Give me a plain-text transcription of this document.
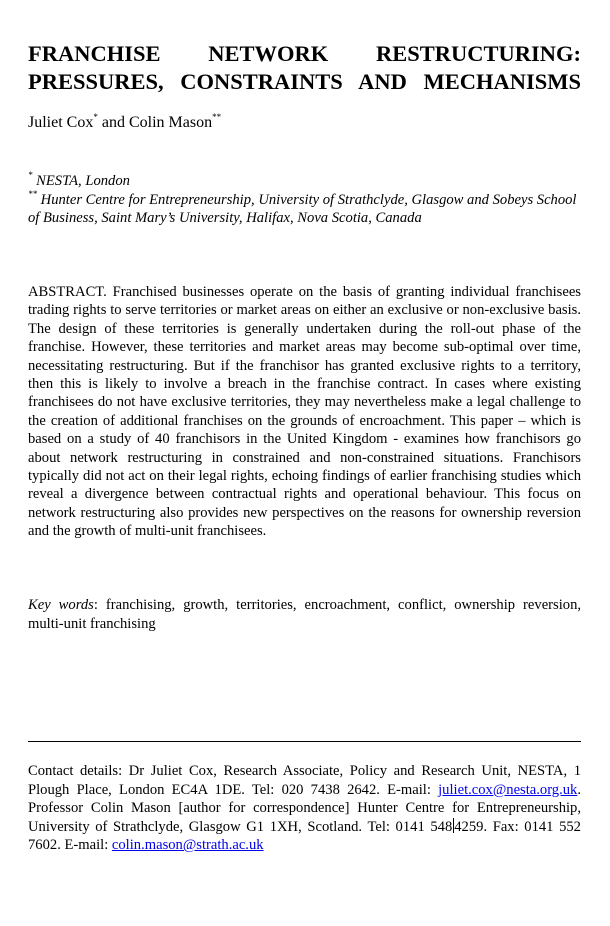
FRANCHISE NETWORK RESTRUCTURING:
PRESSURES, CONSTRAINTS AND MECHANISMS
Juliet Cox* and Colin Mason**
* NESTA, London
** Hunter Centre for Entrepreneurship, University of Strathclyde, Glasgow and Sobeys School of Business, Saint Mary’s University, Halifax, Nova Scotia, Canada

ABSTRACT. Franchised businesses operate on the basis of granting individual franchisees trading rights to serve territories or market areas on either an exclusive or non-exclusive basis. The design of these territories is generally undertaken during the roll-out phase of the franchise. However, these territories and market areas may become sub-optimal over time, necessitating restructuring. But if the franchisor has granted exclusive rights to a territory, then this is likely to involve a breach in the franchise contract. In cases where existing franchisees do not have exclusive territories, they may nevertheless make a legal challenge to the creation of additional franchises on the grounds of encroachment. This paper – which is based on a study of 40 franchisors in the United Kingdom - examines how franchisors go about network restructuring in constrained and non-constrained situations. Franchisors typically did not act on their legal rights, echoing findings of earlier franchising studies which reveal a divergence between contractual rights and operational behaviour. This focus on network restructuring also provides new perspectives on the reasons for ownership reversion and the growth of multi-unit franchisees.

Key words: franchising, growth, territories, encroachment, conflict, ownership reversion, multi-unit franchising

Contact details: Dr Juliet Cox, Research Associate, Policy and Research Unit, NESTA, 1 Plough Place, London EC4A 1DE. Tel: 020 7438 2642. E-mail: juliet.cox@nesta.org.uk. Professor Colin Mason [author for correspondence] Hunter Centre for Entrepreneurship, University of Strathclyde, Glasgow G1 1XH, Scotland. Tel: 0141 548 4259. Fax: 0141 552 7602. E-mail: colin.mason@strath.ac.uk
